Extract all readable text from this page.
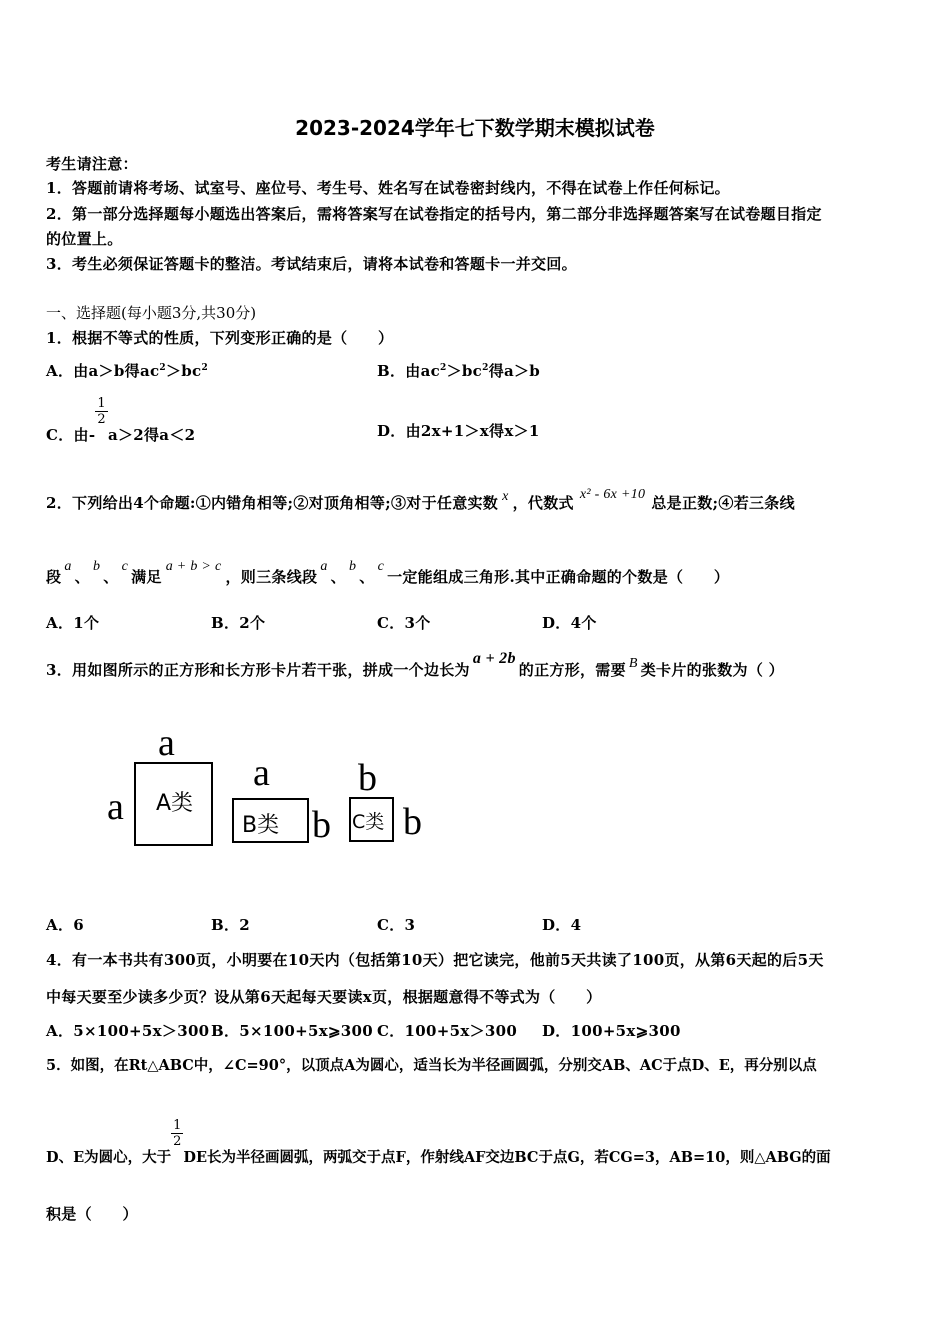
2023-2024学年七下数学期末模拟试卷
考生请注意：
1．答题前请将考场、试室号、座位号、考生号、姓名写在试卷密封线内，不得在试卷上作任何标记。
2．第一部分选择题每小题选出答案后，需将答案写在试卷指定的括号内，第二部分非选择题答案写在试卷题目指定
的位置上。
3．考生必须保证答题卡的整洁。考试结束后，请将本试卷和答题卡一并交回。
一、选择题(每小题3分,共30分)
1．根据不等式的性质，下列变形正确的是（　　）
A．由a＞b得$ac^2>bc^2$	B．由$ac^2>bc^2$得a＞b
C．由-
$\frac{1}{2}$
a＞2得a＜2	D．由2x+1＞x得x＞1
2．下列给出4个命题:①内错角相等;②对顶角相等;③对于任意实数 x ，代数式 x² - 6x +10 总是正数;④若三条线
段a、b、c满足a + b > c，则三条线段a、b、c一定能组成三角形.其中正确命题的个数是（　　）
A．1个	B．2个	C．3个	D．4个
3．用如图所示的正方形和长方形卡片若干张，拼成一个边长为a + 2b的正方形，需要 B 类卡片的张数为（ ）
a
a A类
a
B类 b
b
C类 b
A．6	B．2	C．3	D．4
4．有一本书共有300页，小明要在10天内（包括第10天）把它读完，他前5天共读了100页，从第6天起的后5天
中每天要至少读多少页？设从第6天起每天要读x页，根据题意得不等式为（　　）
A．5×100+5x＞300 B．5×100+5x⩾300 C．100+5x＞300 D．100+5x⩾300
5．如图，在Rt△ABC中，∠C=90°，以顶点A为圆心，适当长为半径画圆弧，分别交AB、AC于点D、E，再分别以点
D、E为圆心，大于
$\frac{1}{2}$
DE长为半径画圆弧，两弧交于点F，作射线AF交边BC于点G，若CG=3，AB=10，则△ABG的面
积是（　　）
